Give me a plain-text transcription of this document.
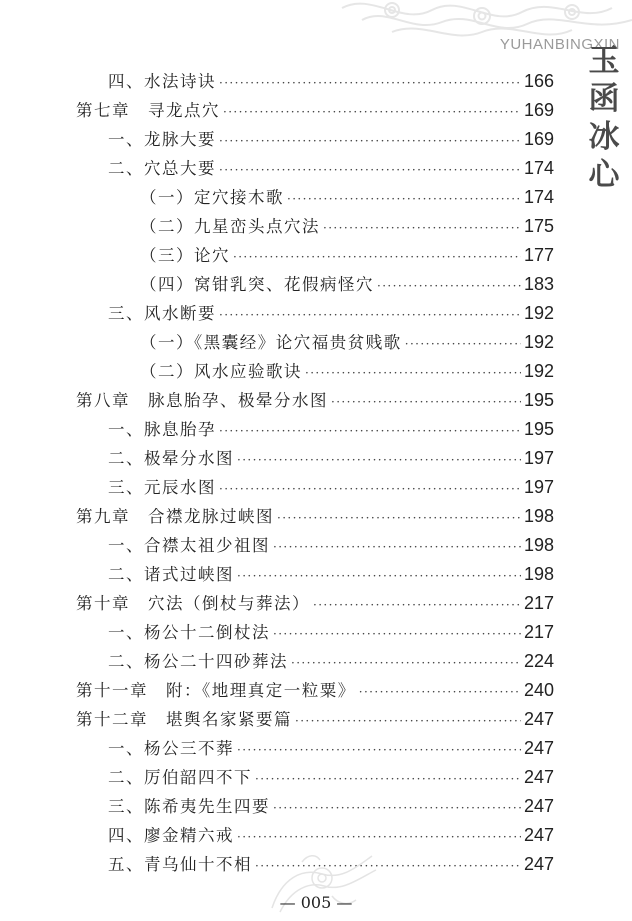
YUHANBINGXIN
玉
函
冰
心
四、水法诗诀 ·····	166
第七章　寻龙点穴 ·····	169
一、龙脉大要 ·····	169
二、穴总大要 ·····	174
（一）定穴接木歌 ·····	174
（二）九星峦头点穴法 ·····	175
（三）论穴 ·····	177
（四）窝钳乳突、花假病怪穴 ·····	183
三、风水断要 ·····	192
（一）《黑囊经》论穴福贵贫贱歌 ·····	192
（二）风水应验歌诀 ·····	192
第八章　脉息胎孕、极晕分水图 ·····	195
一、脉息胎孕 ·····	195
二、极晕分水图 ·····	197
三、元辰水图 ·····	197
第九章　合襟龙脉过峡图 ·····	198
一、合襟太祖少祖图 ·····	198
二、诸式过峡图 ·····	198
第十章　穴法（倒杖与葬法） ·····	217
一、杨公十二倒杖法 ·····	217
二、杨公二十四砂葬法 ·····	224
第十一章　附：《地理真定一粒粟》 ·····	240
第十二章　堪舆名家紧要篇 ·····	247
一、杨公三不葬 ·····	247
二、厉伯韶四不下 ·····	247
三、陈希夷先生四要 ·····	247
四、廖金精六戒 ·····	247
五、青乌仙十不相 ·····	247
— 005 —
